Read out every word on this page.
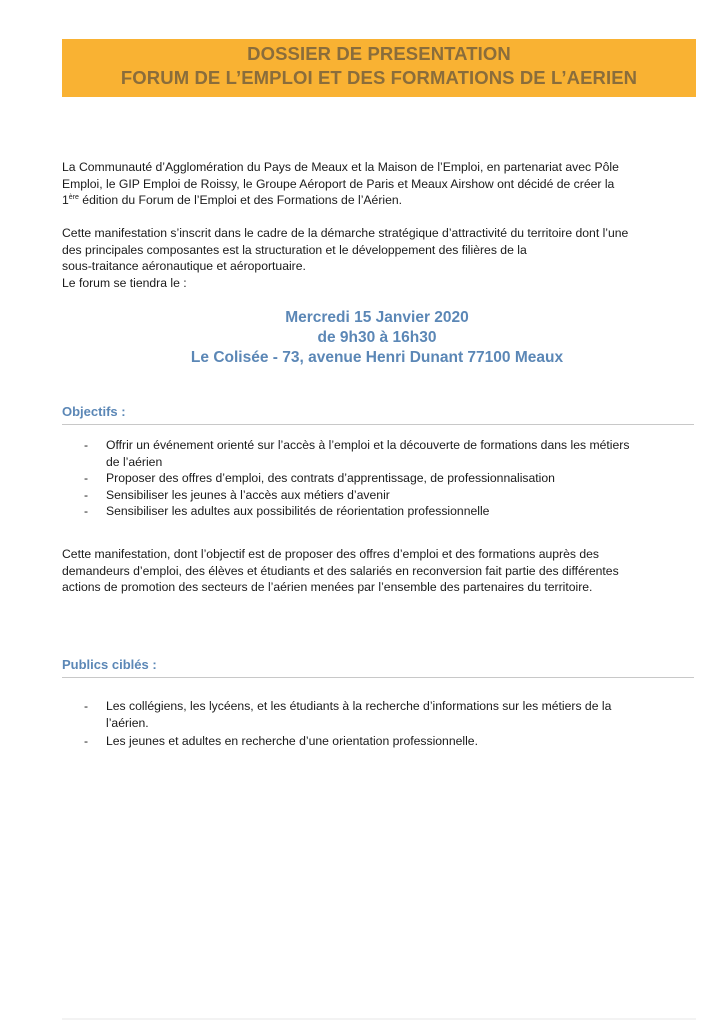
DOSSIER DE PRESENTATION
FORUM DE L’EMPLOI ET DES FORMATIONS DE L’AERIEN
La Communauté d’Agglomération du Pays de Meaux et la Maison de l’Emploi, en partenariat avec Pôle
Emploi, le GIP Emploi de Roissy, le Groupe Aéroport de Paris et Meaux Airshow ont décidé de créer la
1ère édition du Forum de l’Emploi et des Formations de l’Aérien.
Cette manifestation s’inscrit dans le cadre de la démarche stratégique d’attractivité du territoire dont l’une
des principales composantes est la structuration et le développement des filières de la
sous-traitance aéronautique et aéroportuaire.
Le forum se tiendra le :
Mercredi 15 Janvier 2020
de 9h30 à 16h30
Le Colisée - 73, avenue Henri Dunant 77100 Meaux
Objectifs :
- Offrir un événement orienté sur l’accès à l’emploi et la découverte de formations dans les métiers
de l’aérien
- Proposer des offres d’emploi, des contrats d’apprentissage, de professionnalisation
- Sensibiliser les jeunes à l’accès aux métiers d’avenir
- Sensibiliser les adultes aux possibilités de réorientation professionnelle
Cette manifestation, dont l’objectif est de proposer des offres d’emploi et des formations auprès des
demandeurs d’emploi, des élèves et étudiants et des salariés en reconversion fait partie des différentes
actions de promotion des secteurs de l’aérien menées par l’ensemble des partenaires du territoire.
Publics ciblés :
- Les collégiens, les lycéens, et les étudiants à la recherche d’informations sur les métiers de la
l’aérien.
- Les jeunes et adultes en recherche d’une orientation professionnelle.
